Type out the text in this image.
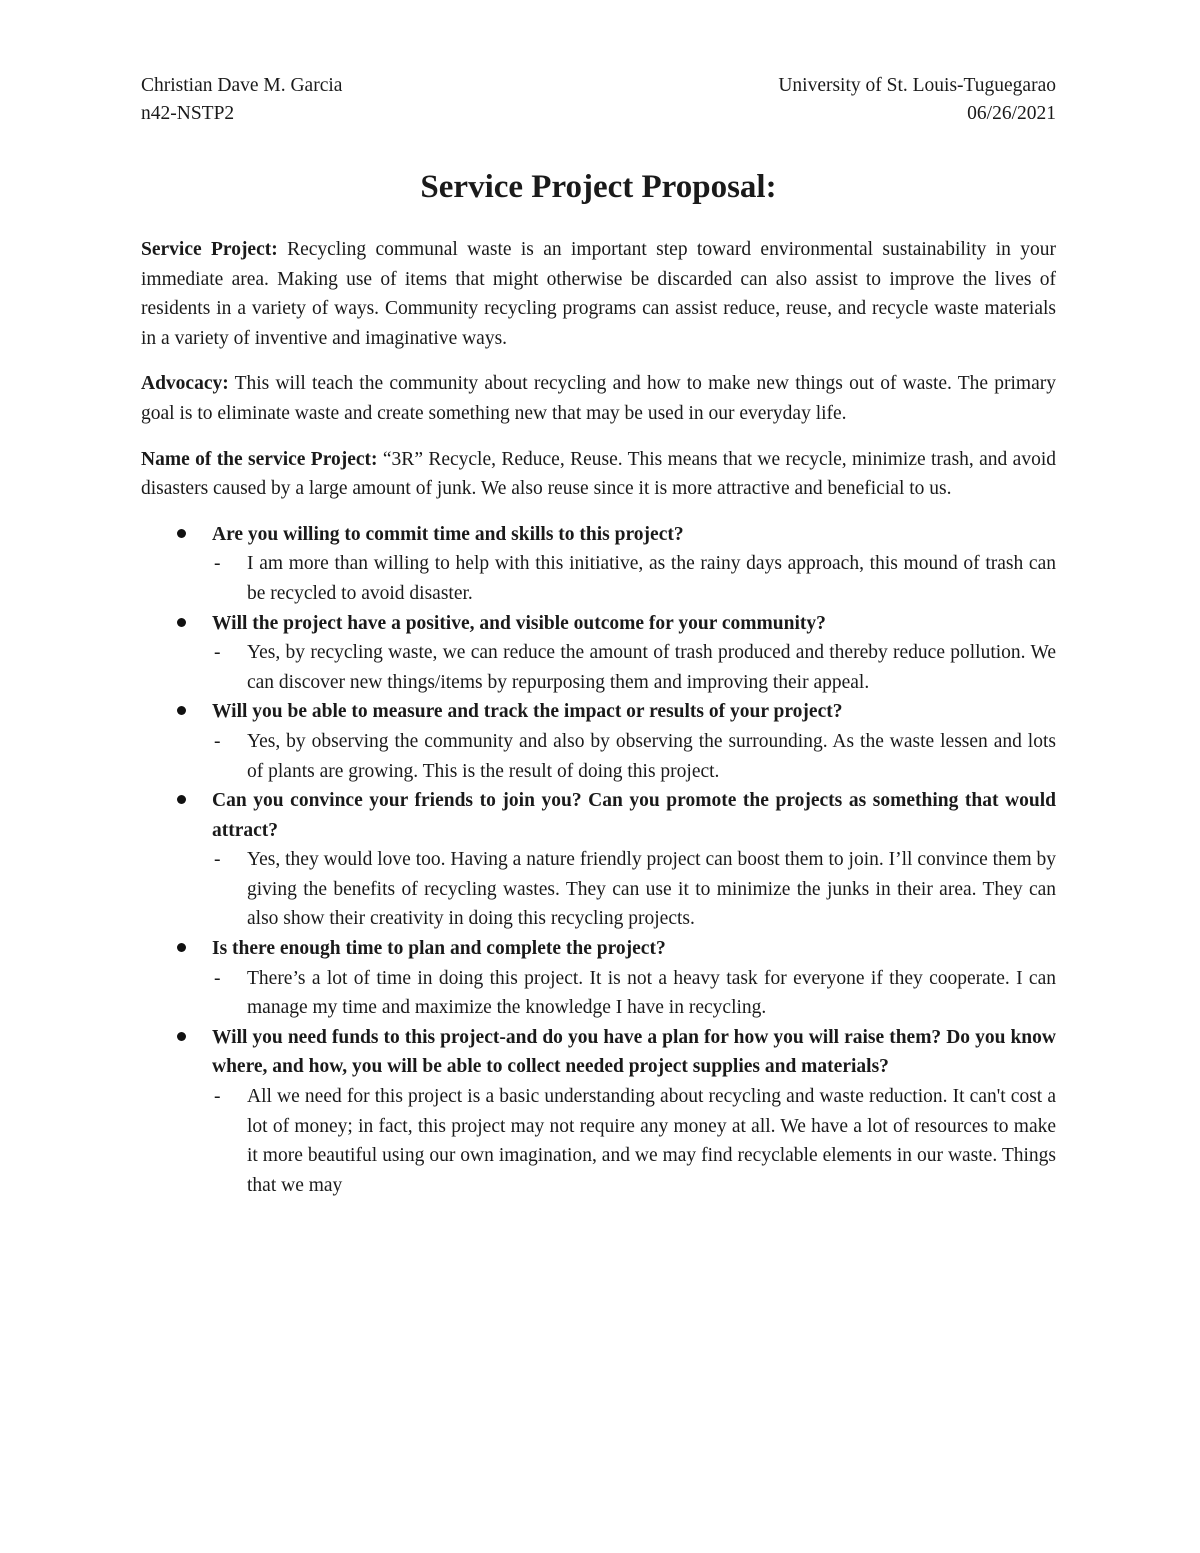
Christian Dave M. Garcia	University of St. Louis-Tuguegarao
n42-NSTP2	06/26/2021
Service Project Proposal:

Service Project: Recycling communal waste is an important step toward environmental sustainability in your immediate area. Making use of items that might otherwise be discarded can also assist to improve the lives of residents in a variety of ways. Community recycling programs can assist reduce, reuse, and recycle waste materials in a variety of inventive and imaginative ways.

Advocacy: This will teach the community about recycling and how to make new things out of waste. The primary goal is to eliminate waste and create something new that may be used in our everyday life.

Name of the service Project: “3R” Recycle, Reduce, Reuse. This means that we recycle, minimize trash, and avoid disasters caused by a large amount of junk. We also reuse since it is more attractive and beneficial to us.

Are you willing to commit time and skills to this project?

- I am more than willing to help with this initiative, as the rainy days approach, this mound of trash can be recycled to avoid disaster.

Will the project have a positive, and visible outcome for your community?

- Yes, by recycling waste, we can reduce the amount of trash produced and thereby reduce pollution. We can discover new things/items by repurposing them and improving their appeal.

Will you be able to measure and track the impact or results of your project?

- Yes, by observing the community and also by observing the surrounding. As the waste lessen and lots of plants are growing. This is the result of doing this project.

Can you convince your friends to join you? Can you promote the projects as something that would attract?

- Yes, they would love too. Having a nature friendly project can boost them to join. I’ll convince them by giving the benefits of recycling wastes. They can use it to minimize the junks in their area. They can also show their creativity in doing this recycling projects.

Is there enough time to plan and complete the project?

- There’s a lot of time in doing this project. It is not a heavy task for everyone if they cooperate. I can manage my time and maximize the knowledge I have in recycling.

Will you need funds to this project-and do you have a plan for how you will raise them? Do you know where, and how, you will be able to collect needed project supplies and materials?

- All we need for this project is a basic understanding about recycling and waste reduction. It can't cost a lot of money; in fact, this project may not require any money at all. We have a lot of resources to make it more beautiful using our own imagination, and we may find recyclable elements in our waste. Things that we may
